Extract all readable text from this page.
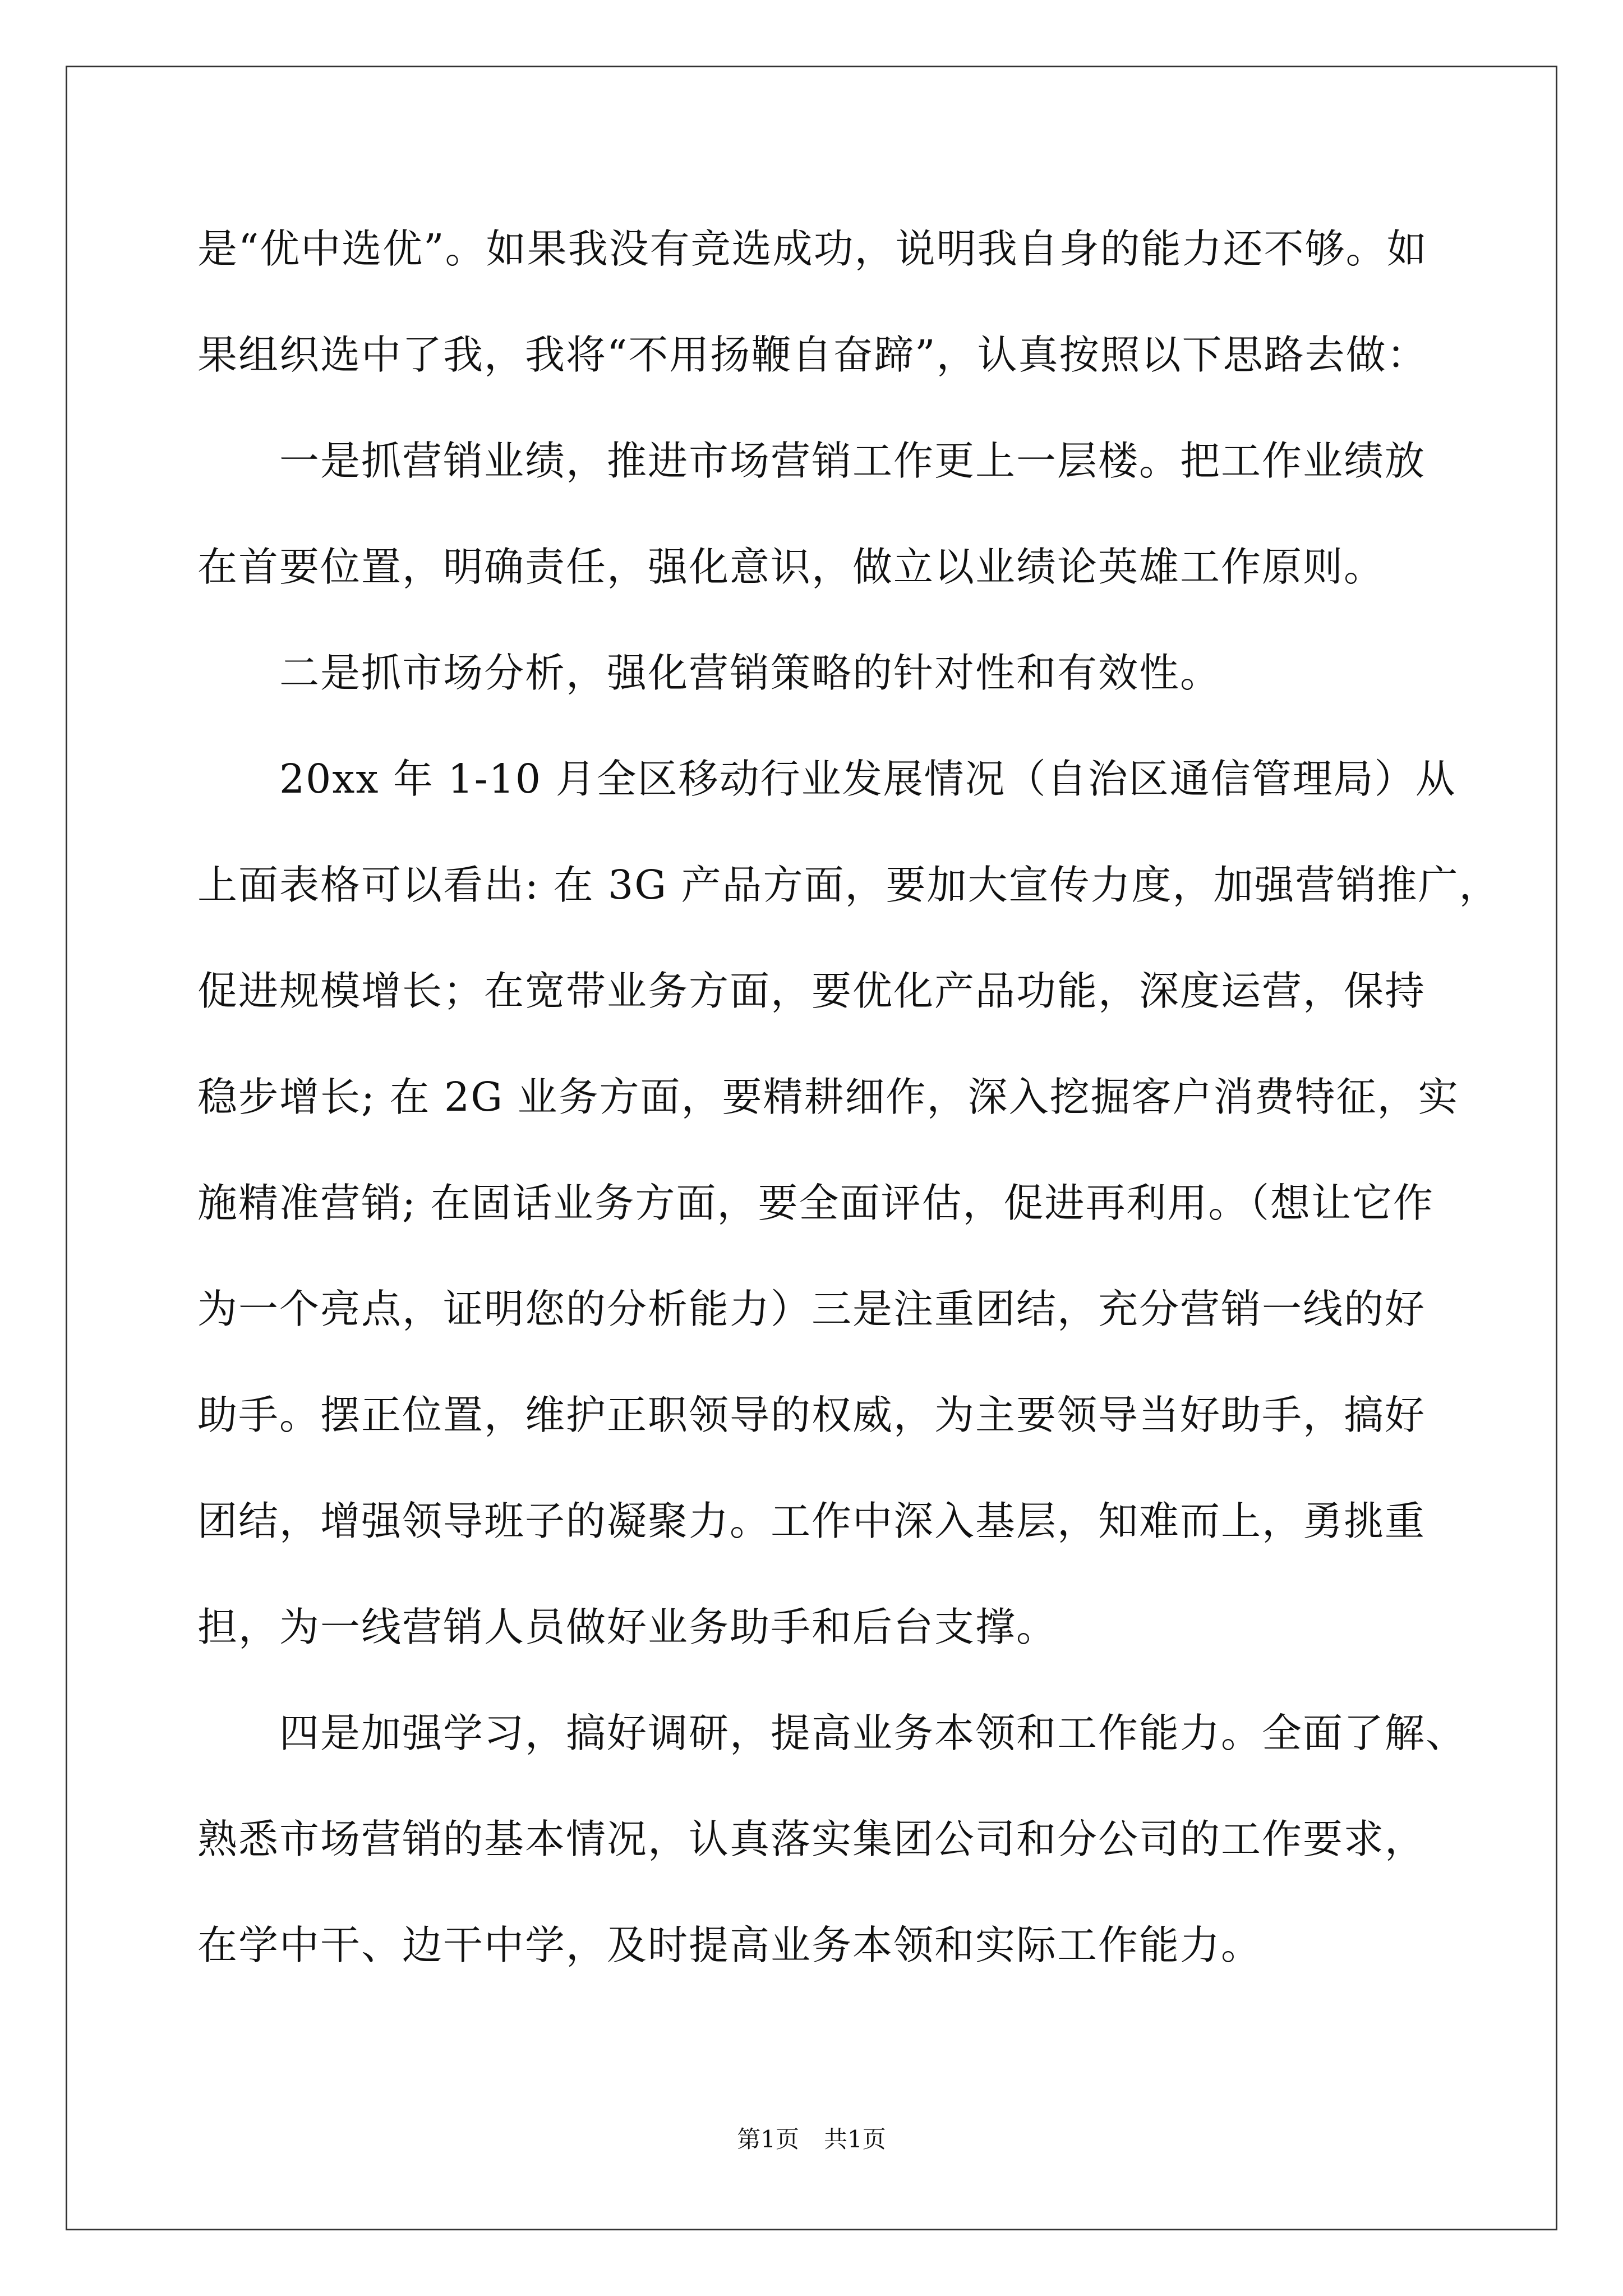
是“优中选优”。如果我没有竞选成功，说明我自身的能力还不够。如
果组织选中了我，我将“不用扬鞭自奋蹄”，认真按照以下思路去做：
一是抓营销业绩，推进市场营销工作更上一层楼。把工作业绩放
在首要位置，明确责任，强化意识，做立以业绩论英雄工作原则。
二是抓市场分析，强化营销策略的针对性和有效性。
20xx 年 1-10 月全区移动行业发展情况（自治区通信管理局）从
上面表格可以看出: 在 3G 产品方面，要加大宣传力度，加强营销推广，
促进规模增长；在宽带业务方面，要优化产品功能，深度运营，保持
稳步增长; 在 2G 业务方面，要精耕细作，深入挖掘客户消费特征，实
施精准营销; 在固话业务方面，要全面评估，促进再利用。（想让它作
为一个亮点，证明您的分析能力）三是注重团结，充分营销一线的好
助手。摆正位置，维护正职领导的权威，为主要领导当好助手，搞好
团结，增强领导班子的凝聚力。工作中深入基层，知难而上，勇挑重
担，为一线营销人员做好业务助手和后台支撑。
四是加强学习，搞好调研，提高业务本领和工作能力。全面了解、
熟悉市场营销的基本情况，认真落实集团公司和分公司的工作要求，
在学中干、边干中学，及时提高业务本领和实际工作能力。
第1页 共1页
